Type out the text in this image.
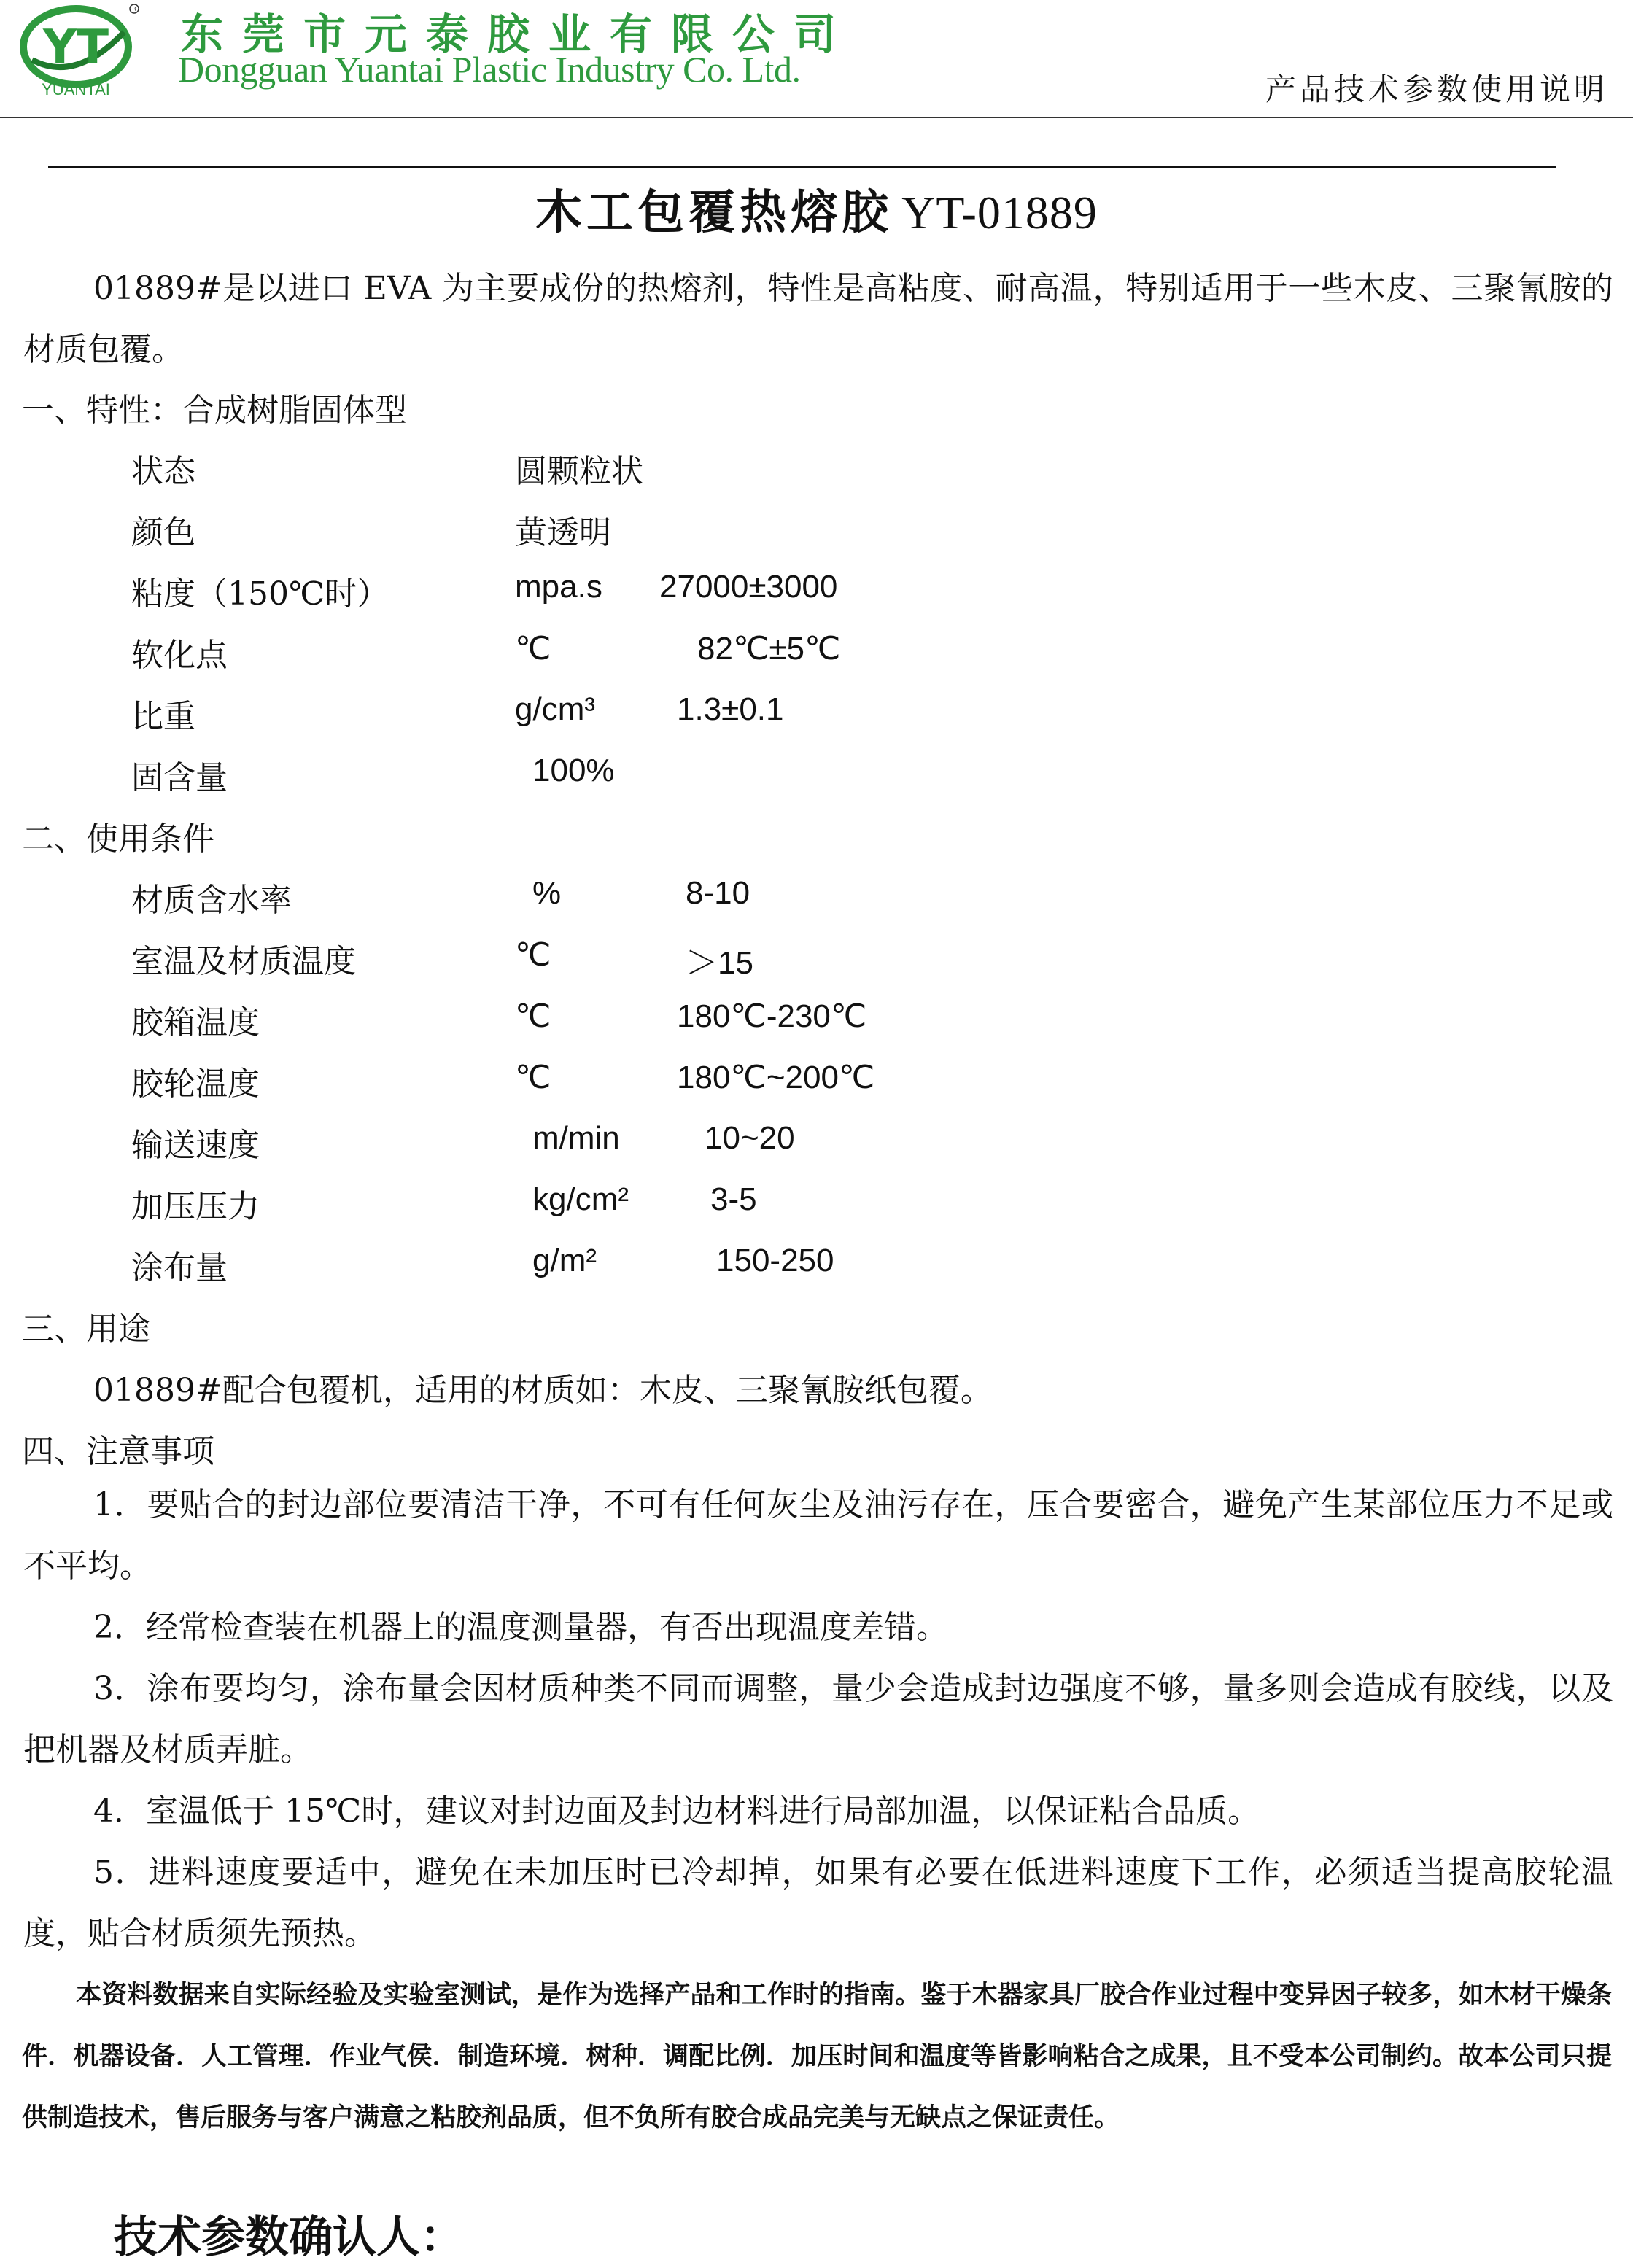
YT
R
YUANTAI
东莞市元泰胶业有限公司
Dongguan Yuantai Plastic Industry Co. Ltd.	产品技术参数使用说明
木工包覆热熔胶 YT-01889
01889#是以进口 EVA 为主要成份的热熔剂，特性是高粘度、耐高温，特别适用于一些木皮、三聚氰胺的材质包覆。
一、特性：合成树脂固体型
状态	圆颗粒状
颜色	黄透明
粘度（150℃时）	mpa.s 27000±3000
软化点	℃	82℃±5℃
比重	g/cm³	1.3±0.1
固含量	100%
二、使用条件
材质含水率	%	8-10
室温及材质温度	℃	＞15
胶箱温度	℃	180℃-230℃
胶轮温度	℃	180℃~200℃
输送速度	m/min	10~20
加压压力	kg/cm²	3-5
涂布量	g/m²	150-250
三、用途
01889#配合包覆机，适用的材质如：木皮、三聚氰胺纸包覆。
四、注意事项
1．要贴合的封边部位要清洁干净，不可有任何灰尘及油污存在，压合要密合，避免产生某部位压力不足或不平均。
2．经常检查装在机器上的温度测量器，有否出现温度差错。
3．涂布要均匀，涂布量会因材质种类不同而调整，量少会造成封边强度不够，量多则会造成有胶线，以及把机器及材质弄脏。
4．室温低于 15℃时，建议对封边面及封边材料进行局部加温，以保证粘合品质。
5．进料速度要适中，避免在未加压时已冷却掉，如果有必要在低进料速度下工作，必须适当提高胶轮温度，贴合材质须先预热。
本资料数据来自实际经验及实验室测试，是作为选择产品和工作时的指南。鉴于木器家具厂胶合作业过程中变异因子较多，如木材干燥条件．机器设备．人工管理．作业气侯．制造环境．树种．调配比例．加压时间和温度等皆影响粘合之成果，且不受本公司制约。故本公司只提供制造技术，售后服务与客户满意之粘胶剂品质，但不负所有胶合成品完美与无缺点之保证责任。
技术参数确认人：
